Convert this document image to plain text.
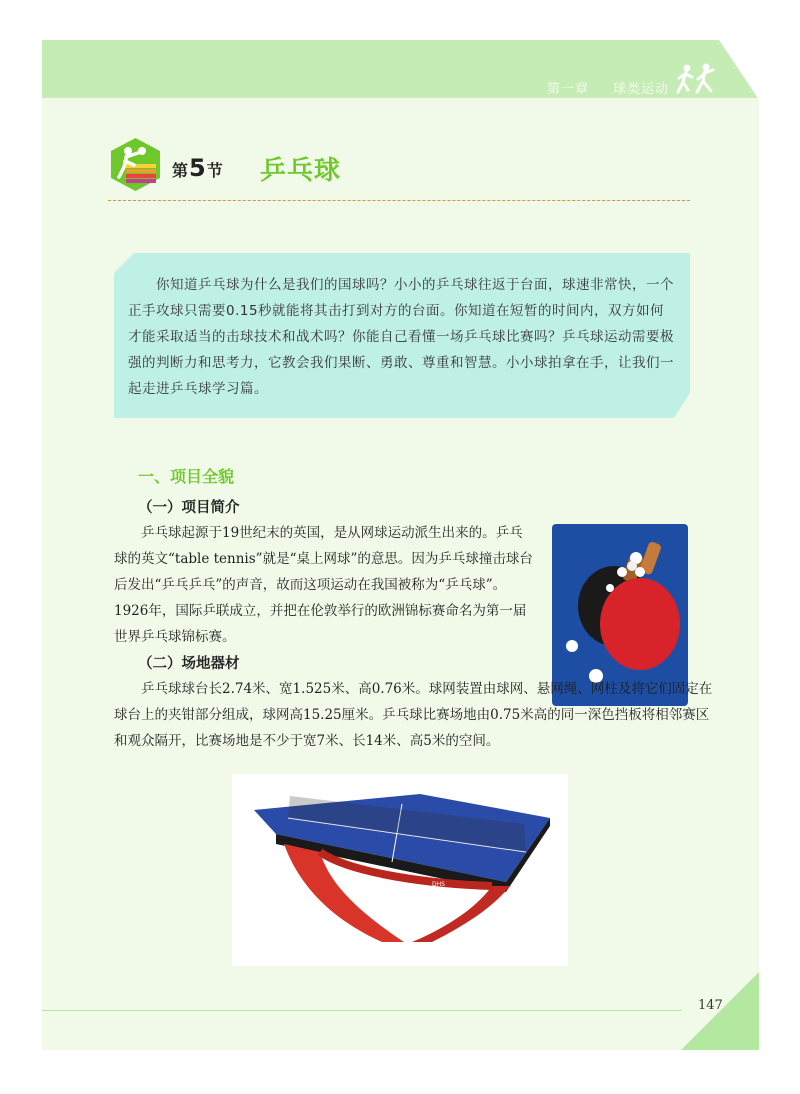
第一章 球类运动
第 5 节 乒乓球

你知道乒乓球为什么是我们的国球吗？小小的乒乓球往返于台面，球速非常快，一个正手攻球只需要0.15秒就能将其击打到对方的台面。你知道在短暂的时间内，双方如何才能采取适当的击球技术和战术吗？你能自己看懂一场乒乓球比赛吗？乒乓球运动需要极强的判断力和思考力，它教会我们果断、勇敢、尊重和智慧。小小球拍拿在手，让我们一起走进乒乓球学习篇。

一、项目全貌
（一）项目简介

乒乓球起源于19世纪末的英国，是从网球运动派生出来的。乒乓球的英文“table tennis”就是“桌上网球”的意思。因为乒乓球撞击球台后发出“乒乓乒乓”的声音，故而这项运动在我国被称为“乒乓球”。1926年，国际乒联成立，并把在伦敦举行的欧洲锦标赛命名为第一届世界乒乓球锦标赛。

（二）场地器材

乒乓球球台长2.74米、宽1.525米、高0.76米。球网装置由球网、悬网绳、网柱及将它们固定在球台上的夹钳部分组成，球网高15.25厘米。乒乓球比赛场地由0.75米高的同一深色挡板将相邻赛区和观众隔开，比赛场地是不少于宽7米、长14米、高5米的空间。

DHS
147
